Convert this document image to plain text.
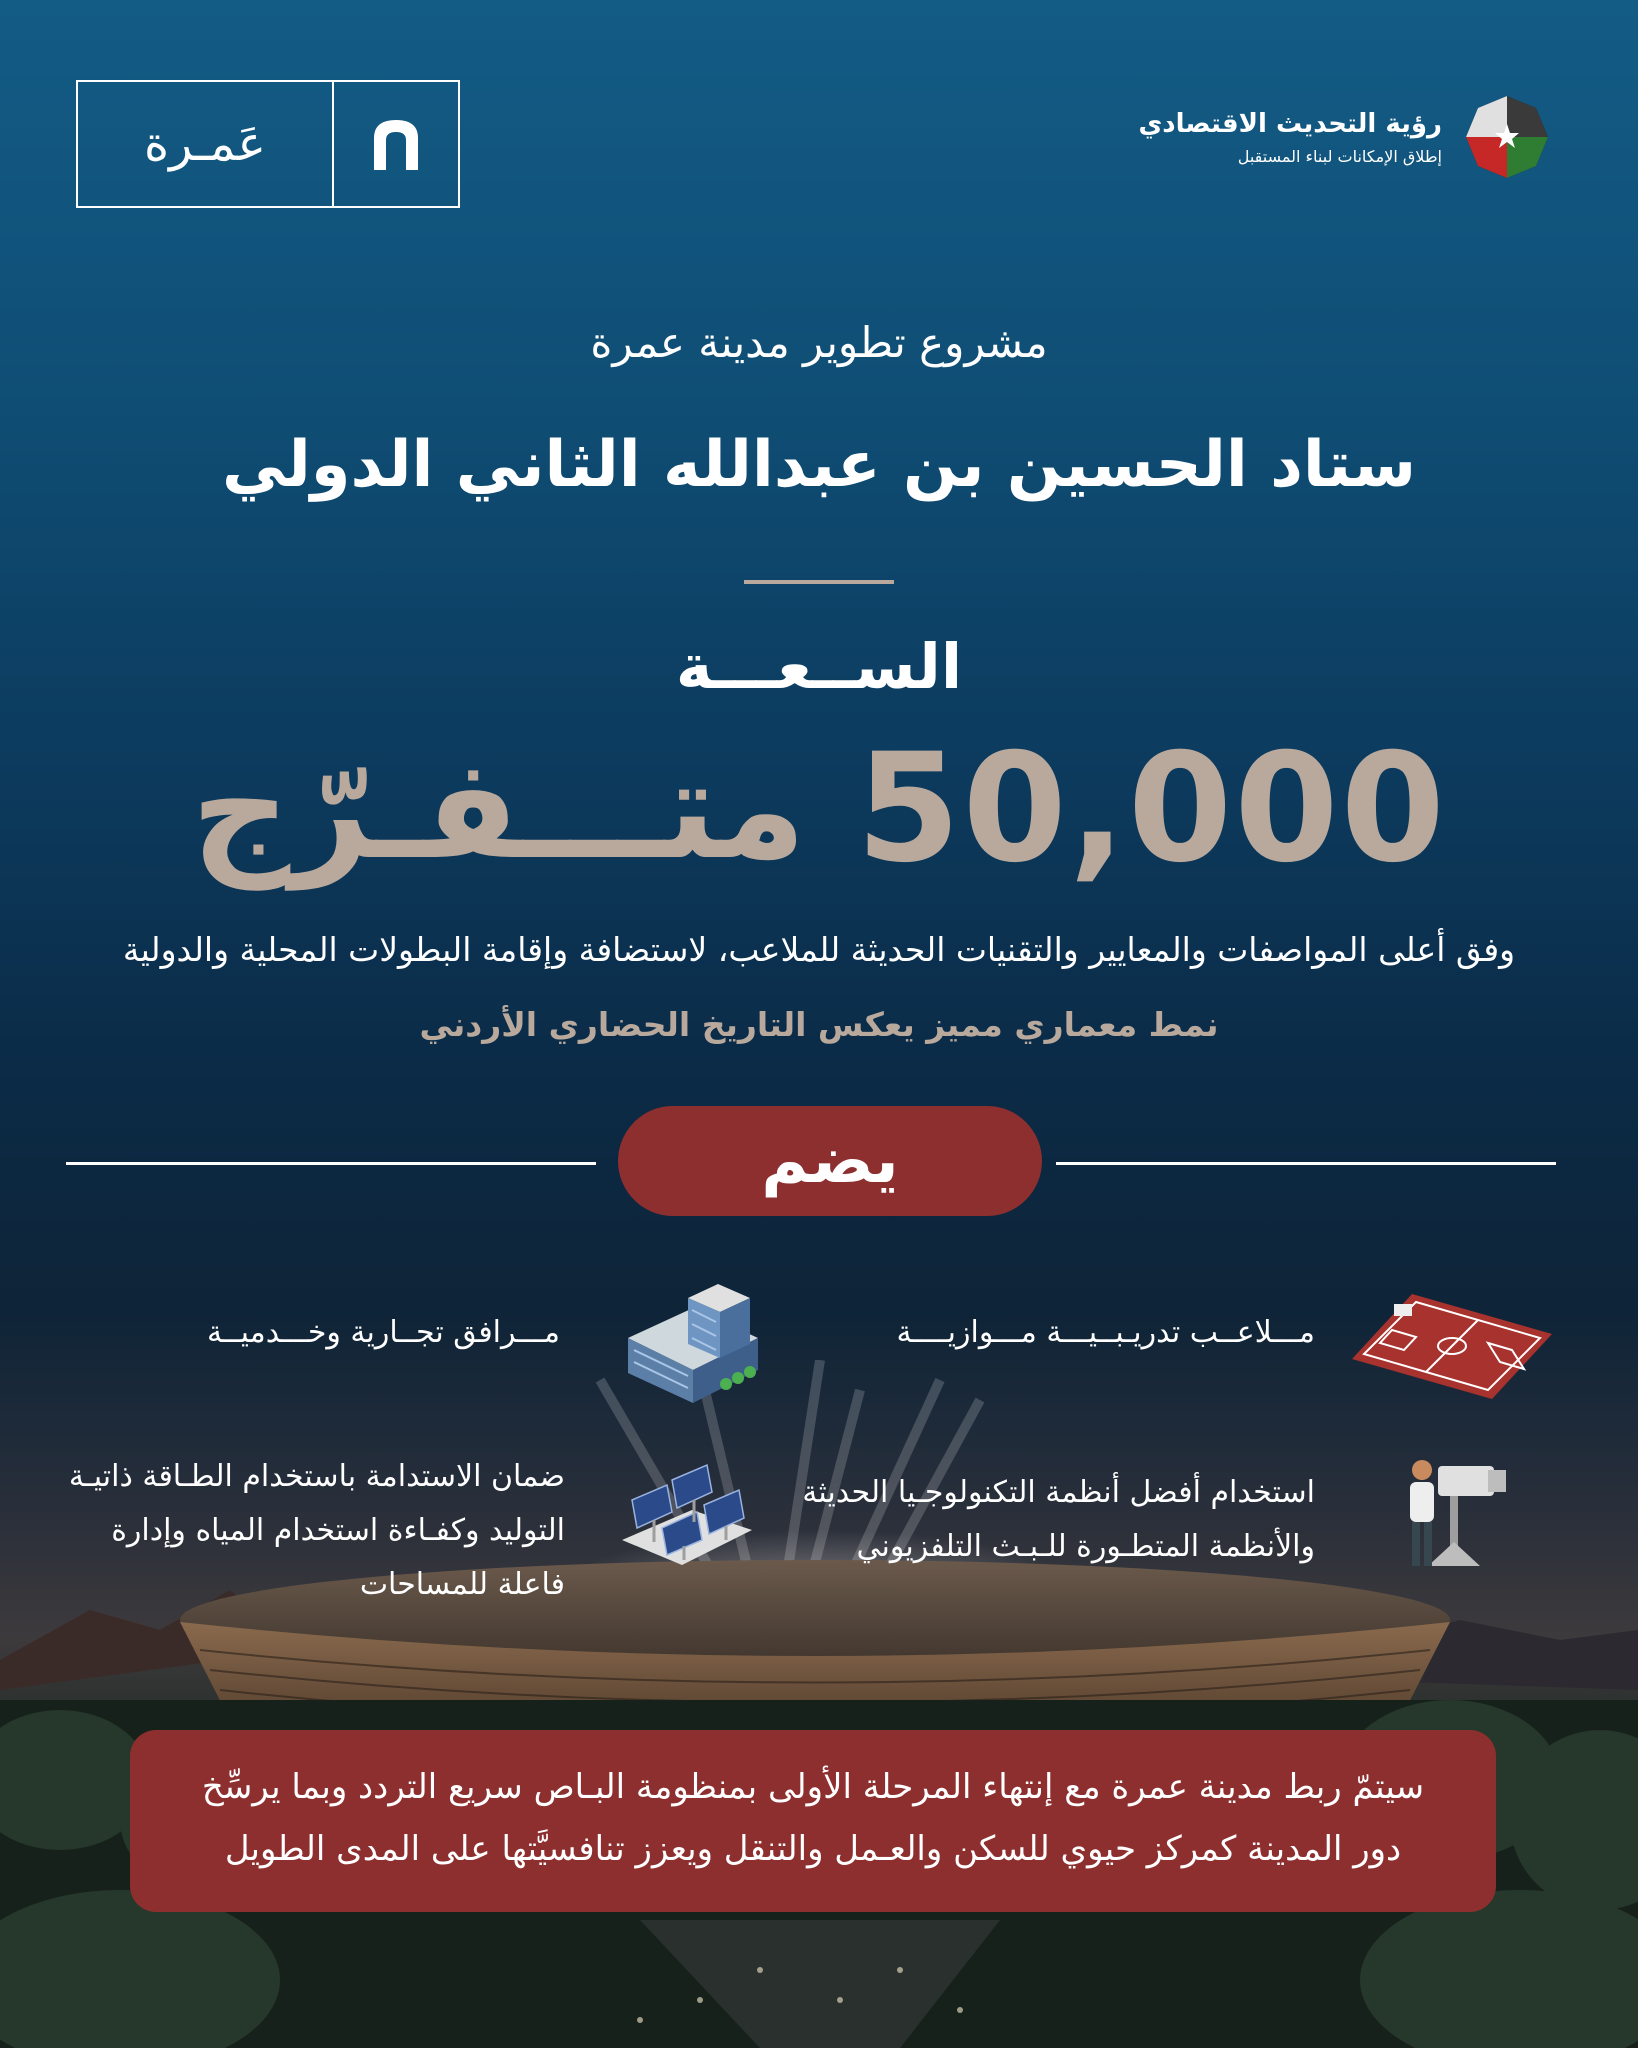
عَمـرة	رؤية التحديث الاقتصادي
إطلاق الإمكانات لبناء المستقبل
مشروع تطوير مدينة عمرة
ستاد الحسين بن عبدالله الثاني الدولي
الســعـــة
متـــفـرّج 50,000
وفق أعلى المواصفات والمعايير والتقنيات الحديثة للملاعب، لاستضافة وإقامة البطولات المحلية والدولية
نمط معماري مميز يعكس التاريخ الحضاري الأردني
يضم
مـــلاعــب تدريـبــيـــة مـــوازيــــة
مـــرافق تجــارية وخـــدميــة
استخدام أفضل أنظمة التكنولوجـيا الحديثة والأنظمة المتطـورة للـبـث التلفزيوني
ضمان الاستدامة باستخدام الطـاقة ذاتيـة التوليد وكفـاءة استخدام المياه وإدارة فاعلة للمساحات

سيتمّ ربط مدينة عمرة مع إنتهاء المرحلة الأولى بمنظومة البـاص سريع التردد وبما يرسِّخ

دور المدينة كمركز حيوي للسكن والعـمل والتنقل ويعزز تنافسيَّتها على المدى الطويل
